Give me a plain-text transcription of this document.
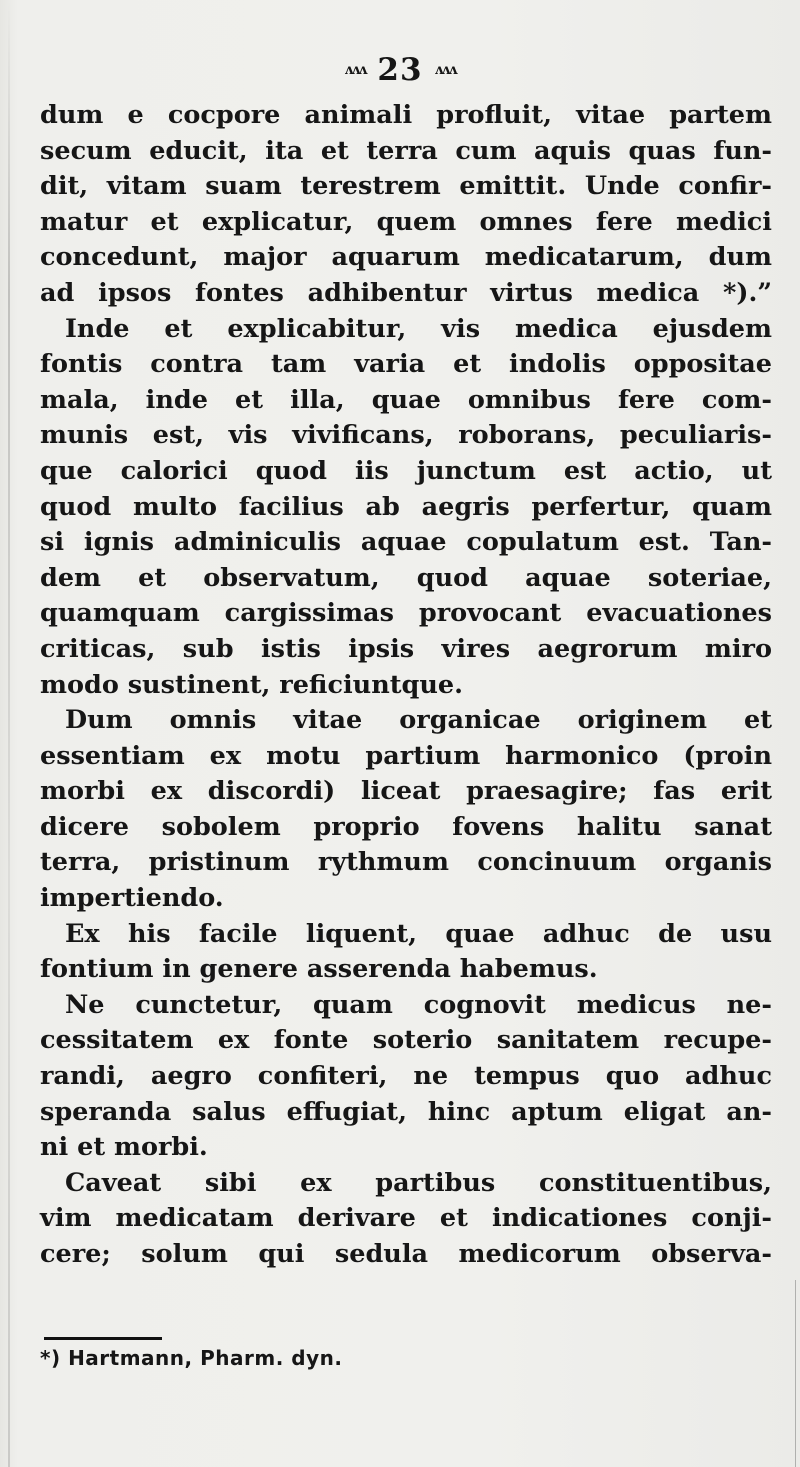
ʌʌʌ 23 ʌʌʌ
dum e cocpore animali profluit, vitae partem
secum educit, ita et terra cum aquis quas fun-
dit, vitam suam terestrem emittit. Unde confir-
matur et explicatur, quem omnes fere medici
concedunt, major aquarum medicatarum, dum
ad ipsos fontes adhibentur virtus medica *).”
Inde et explicabitur, vis medica ejusdem
fontis contra tam varia et indolis oppositae
mala, inde et illa, quae omnibus fere com-
munis est, vis vivificans, roborans, peculiaris-
que calorici quod iis junctum est actio, ut
quod multo facilius ab aegris perfertur, quam
si ignis adminiculis aquae copulatum est. Tan-
dem et observatum, quod aquae soteriae,
quamquam cargissimas provocant evacuationes
criticas, sub istis ipsis vires aegrorum miro
modo sustinent, reficiuntque.
Dum omnis vitae organicae originem et
essentiam ex motu partium harmonico (proin
morbi ex discordi) liceat praesagire; fas erit
dicere sobolem proprio fovens halitu sanat
terra, pristinum rythmum concinuum organis
impertiendo.
Ex his facile liquent, quae adhuc de usu
fontium in genere asserenda habemus.
Ne cunctetur, quam cognovit medicus ne-
cessitatem ex fonte soterio sanitatem recupe-
randi, aegro confiteri, ne tempus quo adhuc
speranda salus effugiat, hinc aptum eligat an-
ni et morbi.
Caveat sibi ex partibus constituentibus,
vim medicatam derivare et indicationes conji-
cere; solum qui sedula medicorum observa-
*) Hartmann, Pharm. dyn.
